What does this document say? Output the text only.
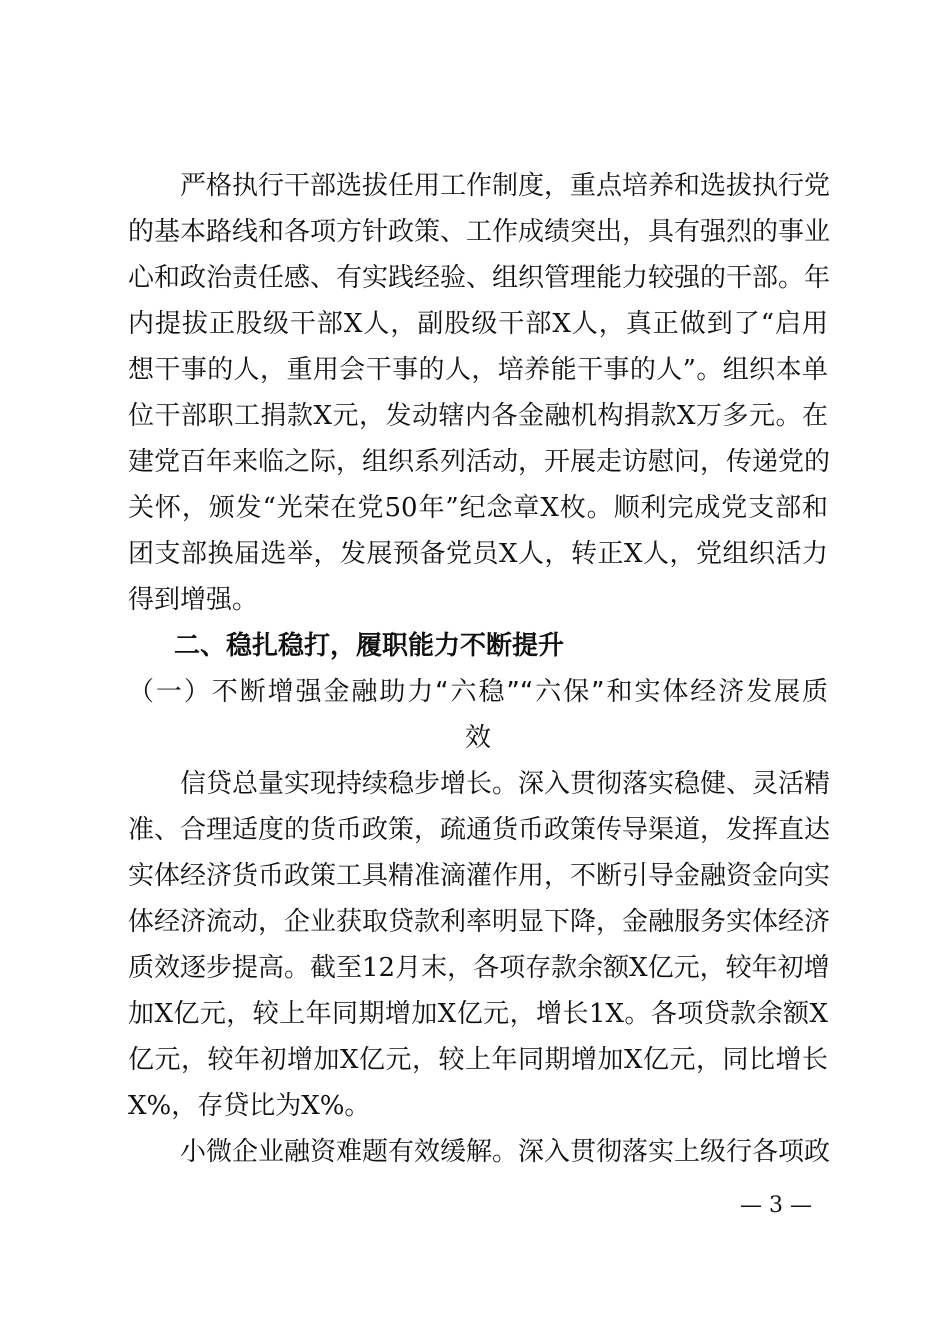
　　严格执行干部选拔任用工作制度，重点培养和选拔执行党
的基本路线和各项方针政策、工作成绩突出，具有强烈的事业
心和政治责任感、有实践经验、组织管理能力较强的干部。年
内提拔正股级干部X人，副股级干部X人，真正做到了“启用
想干事的人，重用会干事的人，培养能干事的人”。组织本单
位干部职工捐款X元，发动辖内各金融机构捐款X万多元。在
建党百年来临之际，组织系列活动，开展走访慰问，传递党的
关怀，颁发“光荣在党50年”纪念章X枚。顺利完成党支部和
团支部换届选举，发展预备党员X人，转正X人，党组织活力
得到增强。
二、稳扎稳打，履职能力不断提升
（一）不断增强金融助力“六稳”“六保”和实体经济发展质
效
　　信贷总量实现持续稳步增长。深入贯彻落实稳健、灵活精
准、合理适度的货币政策，疏通货币政策传导渠道，发挥直达
实体经济货币政策工具精准滴灌作用，不断引导金融资金向实
体经济流动，企业获取贷款利率明显下降，金融服务实体经济
质效逐步提高。截至12月末，各项存款余额X亿元，较年初增
加X亿元，较上年同期增加X亿元，增长1X。各项贷款余额X
亿元，较年初增加X亿元，较上年同期增加X亿元，同比增长
X%，存贷比为X%。
　　小微企业融资难题有效缓解。深入贯彻落实上级行各项政
— 3 —
